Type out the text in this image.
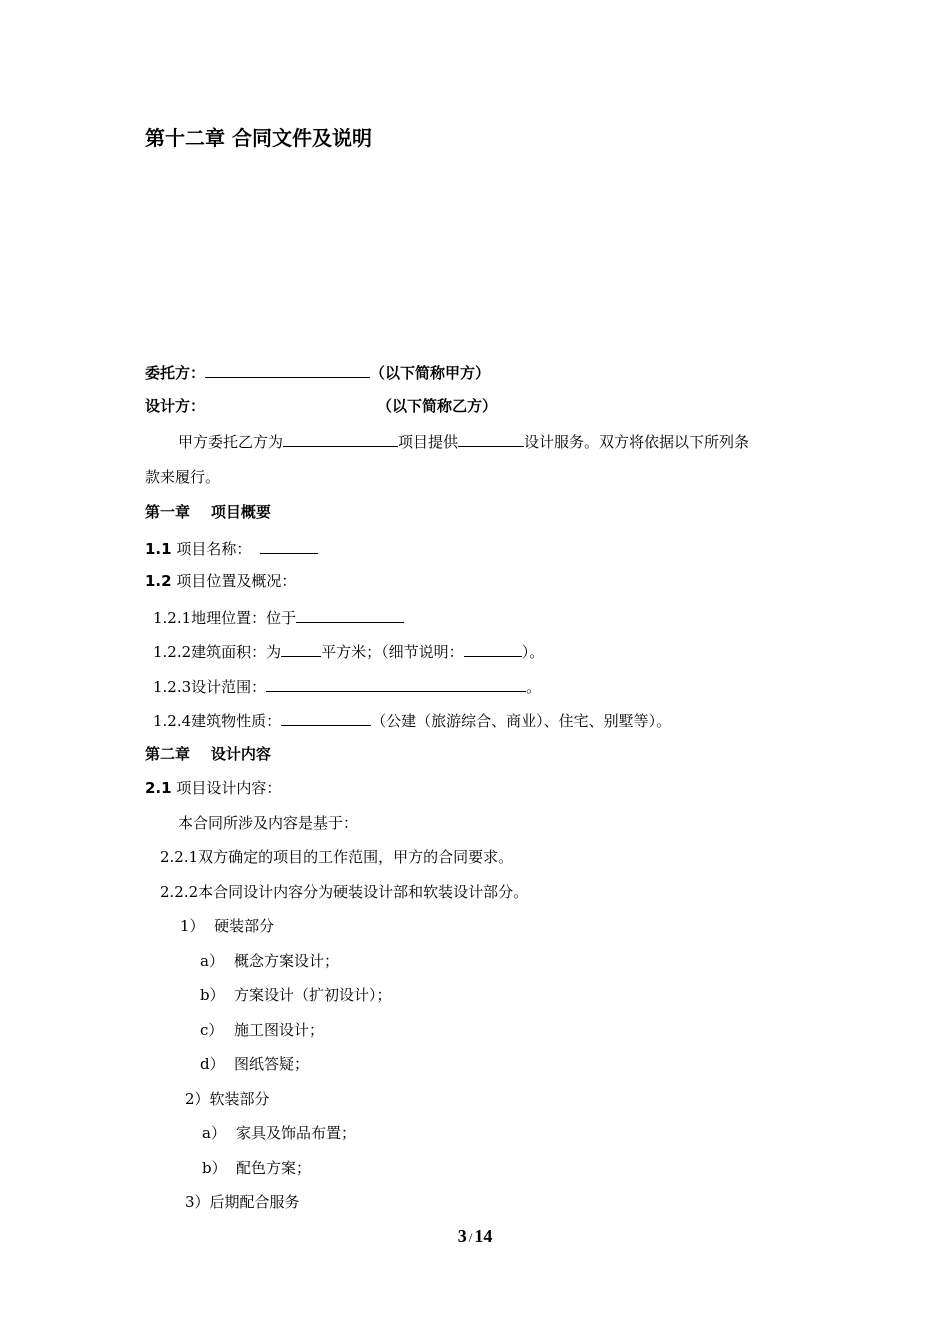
第十二章 合同文件及说明
委托方：	（以下简称甲方）
设计方：	（以下简称乙方）
甲方委托乙方为	项目提供	设计服务。双方将依据以下所列条
款来履行。
第一章    项目概要
1.1 项目名称：
1.2 项目位置及概况：
1.2.1地理位置：位于
1.2.2建筑面积：为	平方米；（细节说明：	）。
1.2.3设计范围：	。
1.2.4建筑物性质：	（公建（旅游综合、商业）、住宅、别墅等）。
第二章    设计内容
2.1 项目设计内容：
本合同所涉及内容是基于：
2.2.1双方确定的项目的工作范围，甲方的合同要求。
2.2.2本合同设计内容分为硬装设计部和软装设计部分。
1）  硬装部分
a） 概念方案设计；
b） 方案设计（扩初设计）；
c） 施工图设计；
d） 图纸答疑；
2）软装部分
a） 家具及饰品布置；
b） 配色方案；
3）后期配合服务
3 / 14
